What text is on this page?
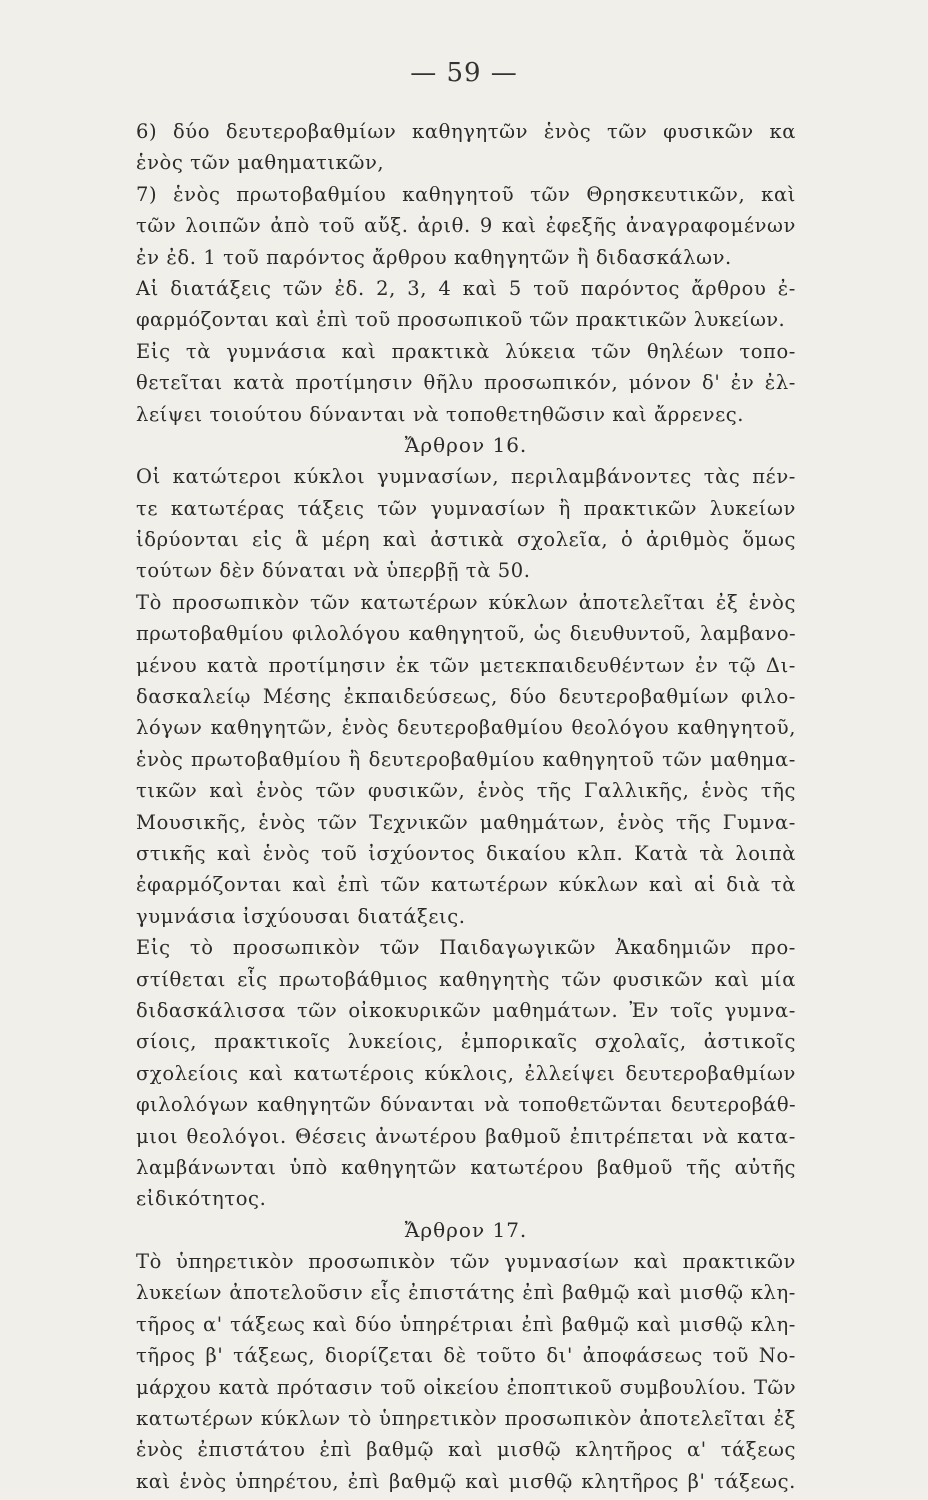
— 59 —
6) δύο δευτεροβαθμίων καθηγητῶν ἑνὸς τῶν φυσικῶν κα
ἑνὸς τῶν μαθηματικῶν,
7) ἑνὸς πρωτοβαθμίου καθηγητοῦ τῶν Θρησκευτικῶν, καὶ
τῶν λοιπῶν ἀπὸ τοῦ αὔξ. ἀριθ. 9 καὶ ἐφεξῆς ἀναγραφομένων
ἐν ἐδ. 1 τοῦ παρόντος ἄρθρου καθηγητῶν ἢ διδασκάλων.
Αἱ διατάξεις τῶν ἐδ. 2, 3, 4 καὶ 5 τοῦ παρόντος ἄρθρου ἐ-
φαρμόζονται καὶ ἐπὶ τοῦ προσωπικοῦ τῶν πρακτικῶν λυκείων.
Εἰς τὰ γυμνάσια καὶ πρακτικὰ λύκεια τῶν θηλέων τοπο-
θετεῖται κατὰ προτίμησιν θῆλυ προσωπικόν, μόνον δ' ἐν ἐλ-
λείψει τοιούτου δύνανται νὰ τοποθετηθῶσιν καὶ ἄρρενες.
Ἄρθρον 16.
Οἱ κατώτεροι κύκλοι γυμνασίων, περιλαμβάνοντες τὰς πέν-
τε κατωτέρας τάξεις τῶν γυμνασίων ἢ πρακτικῶν λυκείων
ἱδρύονται εἰς ἃ μέρη καὶ ἀστικὰ σχολεῖα, ὁ ἀριθμὸς ὅμως
τούτων δὲν δύναται νὰ ὑπερβῇ τὰ 50.
Τὸ προσωπικὸν τῶν κατωτέρων κύκλων ἀποτελεῖται ἐξ ἑνὸς
πρωτοβαθμίου φιλολόγου καθηγητοῦ, ὡς διευθυντοῦ, λαμβανο-
μένου κατὰ προτίμησιν ἐκ τῶν μετεκπαιδευθέντων ἐν τῷ Δι-
δασκαλείῳ Μέσης ἐκπαιδεύσεως, δύο δευτεροβαθμίων φιλο-
λόγων καθηγητῶν, ἑνὸς δευτεροβαθμίου θεολόγου καθηγητοῦ,
ἑνὸς πρωτοβαθμίου ἢ δευτεροβαθμίου καθηγητοῦ τῶν μαθημα-
τικῶν καὶ ἑνὸς τῶν φυσικῶν, ἑνὸς τῆς Γαλλικῆς, ἑνὸς τῆς
Μουσικῆς, ἑνὸς τῶν Τεχνικῶν μαθημάτων, ἑνὸς τῆς Γυμνα-
στικῆς καὶ ἑνὸς τοῦ ἰσχύοντος δικαίου κλπ. Κατὰ τὰ λοιπὰ
ἐφαρμόζονται καὶ ἐπὶ τῶν κατωτέρων κύκλων καὶ αἱ διὰ τὰ
γυμνάσια ἰσχύουσαι διατάξεις.
Εἰς τὸ προσωπικὸν τῶν Παιδαγωγικῶν Ἀκαδημιῶν προ-
στίθεται εἷς πρωτοβάθμιος καθηγητὴς τῶν φυσικῶν καὶ μία
διδασκάλισσα τῶν οἰκοκυρικῶν μαθημάτων. Ἐν τοῖς γυμνα-
σίοις, πρακτικοῖς λυκείοις, ἐμπορικαῖς σχολαῖς, ἀστικοῖς
σχολείοις καὶ κατωτέροις κύκλοις, ἐλλείψει δευτεροβαθμίων
φιλολόγων καθηγητῶν δύνανται νὰ τοποθετῶνται δευτεροβάθ-
μιοι θεολόγοι. Θέσεις ἀνωτέρου βαθμοῦ ἐπιτρέπεται νὰ κατα-
λαμβάνωνται ὑπὸ καθηγητῶν κατωτέρου βαθμοῦ τῆς αὐτῆς
εἰδικότητος.
Ἄρθρον 17.
Τὸ ὑπηρετικὸν προσωπικὸν τῶν γυμνασίων καὶ πρακτικῶν
λυκείων ἀποτελοῦσιν εἷς ἐπιστάτης ἐπὶ βαθμῷ καὶ μισθῷ κλη-
τῆρος α' τάξεως καὶ δύο ὑπηρέτριαι ἐπὶ βαθμῷ καὶ μισθῷ κλη-
τῆρος β' τάξεως, διορίζεται δὲ τοῦτο δι' ἀποφάσεως τοῦ Νο-
μάρχου κατὰ πρότασιν τοῦ οἰκείου ἐποπτικοῦ συμβουλίου. Τῶν
κατωτέρων κύκλων τὸ ὑπηρετικὸν προσωπικὸν ἀποτελεῖται ἐξ
ἑνὸς ἐπιστάτου ἐπὶ βαθμῷ καὶ μισθῷ κλητῆρος α' τάξεως
καὶ ἑνὸς ὑπηρέτου, ἐπὶ βαθμῷ καὶ μισθῷ κλητῆρος β' τάξεως.
